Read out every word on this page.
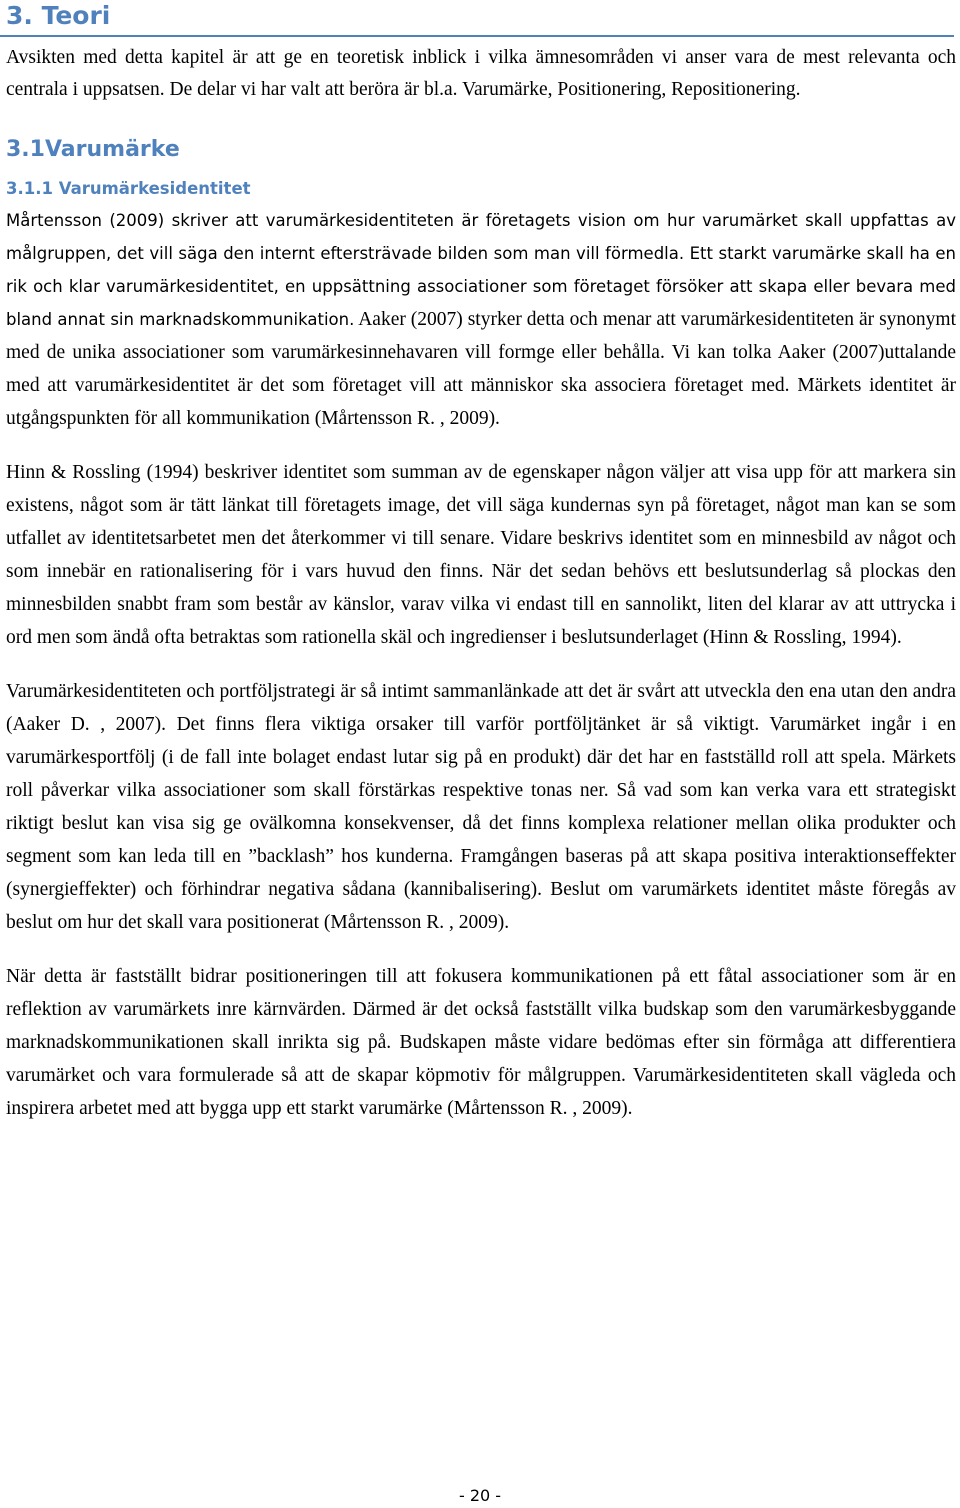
3. Teori

Avsikten med detta kapitel är att ge en teoretisk inblick i vilka ämnesområden vi anser vara de mest relevanta och centrala i uppsatsen. De delar vi har valt att beröra är bl.a. Varumärke, Positionering, Repositionering.

3.1Varumärke
3.1.1 Varumärkesidentitet

Mårtensson (2009) skriver att varumärkesidentiteten är företagets vision om hur varumärket skall uppfattas av målgruppen, det vill säga den internt eftersträvade bilden som man vill förmedla. Ett starkt varumärke skall ha en rik och klar varumärkesidentitet, en uppsättning associationer som företaget försöker att skapa eller bevara med bland annat sin marknadskommunikation. Aaker (2007) styrker detta och menar att varumärkesidentiteten är synonymt med de unika associationer som varumärkesinnehavaren vill formge eller behålla. Vi kan tolka Aaker (2007)uttalande med att varumärkesidentitet är det som företaget vill att människor ska associera företaget med. Märkets identitet är utgångspunkten för all kommunikation (Mårtensson R. , 2009).

Hinn & Rossling (1994) beskriver identitet som summan av de egenskaper någon väljer att visa upp för att markera sin existens, något som är tätt länkat till företagets image, det vill säga kundernas syn på företaget, något man kan se som utfallet av identitetsarbetet men det återkommer vi till senare. Vidare beskrivs identitet som en minnesbild av något och som innebär en rationalisering för i vars huvud den finns. När det sedan behövs ett beslutsunderlag så plockas den minnesbilden snabbt fram som består av känslor, varav vilka vi endast till en sannolikt, liten del klarar av att uttrycka i ord men som ändå ofta betraktas som rationella skäl och ingredienser i beslutsunderlaget (Hinn & Rossling, 1994).

Varumärkesidentiteten och portföljstrategi är så intimt sammanlänkade att det är svårt att utveckla den ena utan den andra (Aaker D. , 2007). Det finns flera viktiga orsaker till varför portföljtänket är så viktigt. Varumärket ingår i en varumärkesportfölj (i de fall inte bolaget endast lutar sig på en produkt) där det har en fastställd roll att spela. Märkets roll påverkar vilka associationer som skall förstärkas respektive tonas ner. Så vad som kan verka vara ett strategiskt riktigt beslut kan visa sig ge ovälkomna konsekvenser, då det finns komplexa relationer mellan olika produkter och segment som kan leda till en ”backlash” hos kunderna. Framgången baseras på att skapa positiva interaktionseffekter (synergieffekter) och förhindrar negativa sådana (kannibalisering). Beslut om varumärkets identitet måste föregås av beslut om hur det skall vara positionerat (Mårtensson R. , 2009).

När detta är fastställt bidrar positioneringen till att fokusera kommunikationen på ett fåtal associationer som är en reflektion av varumärkets inre kärnvärden. Därmed är det också fastställt vilka budskap som den varumärkesbyggande marknadskommunikationen skall inrikta sig på. Budskapen måste vidare bedömas efter sin förmåga att differentiera varumärket och vara formulerade så att de skapar köpmotiv för målgruppen. Varumärkesidentiteten skall vägleda och inspirera arbetet med att bygga upp ett starkt varumärke (Mårtensson R. , 2009).

- 20 -
